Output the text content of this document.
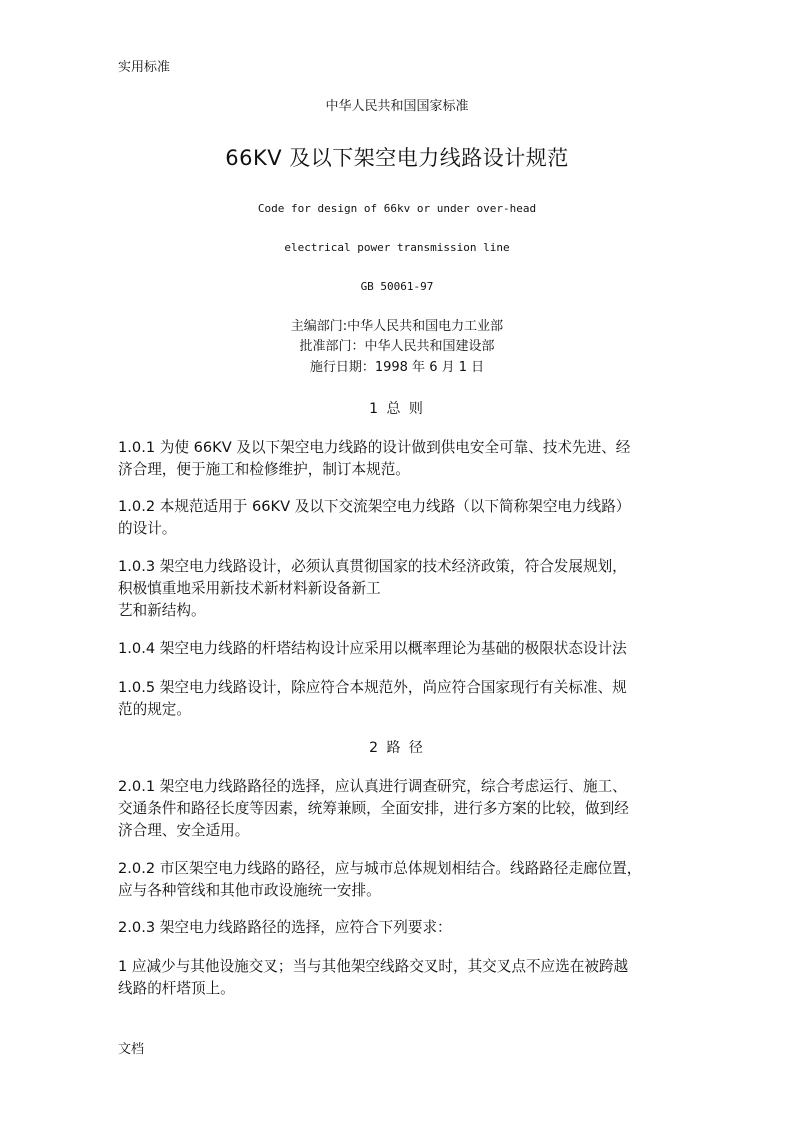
实用标准
中华人民共和国国家标准
66KV 及以下架空电力线路设计规范
Code for design of 66kv or under over-head
electrical power transmission line
GB 50061-97
主编部门:中华人民共和国电力工业部
批准部门：中华人民共和国建设部
施行日期：1998 年 6 月 1 日
1 总 则

1.0.1 为使 66KV 及以下架空电力线路的设计做到供电安全可靠、技术先进、经
济合理，便于施工和检修维护，制订本规范。

1.0.2 本规范适用于 66KV 及以下交流架空电力线路（以下简称架空电力线路）
的设计。

1.0.3 架空电力线路设计，必须认真贯彻国家的技术经济政策，符合发展规划，
积极慎重地采用新技术新材料新设备新工
艺和新结构。

1.0.4 架空电力线路的杆塔结构设计应采用以概率理论为基础的极限状态设计法

1.0.5 架空电力线路设计，除应符合本规范外，尚应符合国家现行有关标准、规
范的规定。

2 路 径

2.0.1 架空电力线路路径的选择，应认真进行调查研究，综合考虑运行、施工、
交通条件和路径长度等因素，统筹兼顾，全面安排，进行多方案的比较，做到经
济合理、安全适用。

2.0.2 市区架空电力线路的路径，应与城市总体规划相结合。线路路径走廊位置，
应与各种管线和其他市政设施统一安排。

2.0.3 架空电力线路路径的选择，应符合下列要求：

1 应减少与其他设施交叉；当与其他架空线路交叉时，其交叉点不应选在被跨越
线路的杆塔顶上。

文档
